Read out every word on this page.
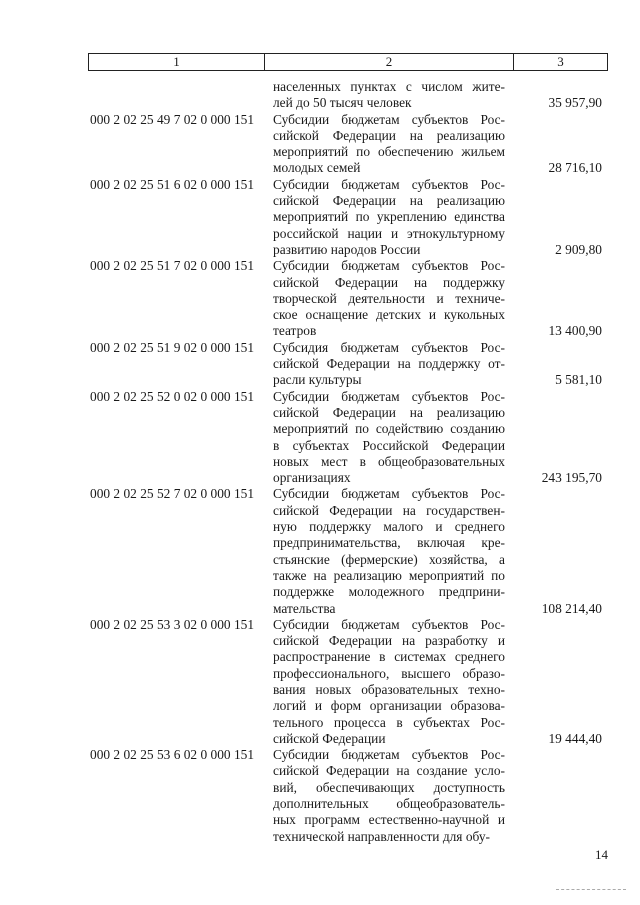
1	2	3
населенных пунктах с числом жите-
лей до 50 тысяч человек	35 957,90
000 2 02 25 49 7 02 0 000 151	Субсидии бюджетам субъектов Рос-
сийской Федерации на реализацию
мероприятий по обеспечению жильем
молодых семей	28 716,10
000 2 02 25 51 6 02 0 000 151	Субсидии бюджетам субъектов Рос-
сийской Федерации на реализацию
мероприятий по укреплению единства
российской нации и этнокультурному
развитию народов России	2 909,80
000 2 02 25 51 7 02 0 000 151	Субсидии бюджетам субъектов Рос-
сийской Федерации на поддержку
творческой деятельности и техниче-
ское оснащение детских и кукольных
театров	13 400,90
000 2 02 25 51 9 02 0 000 151	Субсидия бюджетам субъектов Рос-
сийской Федерации на поддержку от-
расли культуры	5 581,10
000 2 02 25 52 0 02 0 000 151	Субсидии бюджетам субъектов Рос-
сийской Федерации на реализацию
мероприятий по содействию созданию
в субъектах Российской Федерации
новых мест в общеобразовательных
организациях	243 195,70
000 2 02 25 52 7 02 0 000 151	Субсидии бюджетам субъектов Рос-
сийской Федерации на государствен-
ную поддержку малого и среднего
предпринимательства, включая кре-
стьянские (фермерские) хозяйства, а
также на реализацию мероприятий по
поддержке молодежного предприни-
мательства	108 214,40
000 2 02 25 53 3 02 0 000 151	Субсидии бюджетам субъектов Рос-
сийской Федерации на разработку и
распространение в системах среднего
профессионального, высшего образо-
вания новых образовательных техно-
логий и форм организации образова-
тельного процесса в субъектах Рос-
сийской Федерации	19 444,40
000 2 02 25 53 6 02 0 000 151	Субсидии бюджетам субъектов Рос-
сийской Федерации на создание усло-
вий, обеспечивающих доступность
дополнительных общеобразователь-
ных программ естественно-научной и
технической направленности для обу-
14
